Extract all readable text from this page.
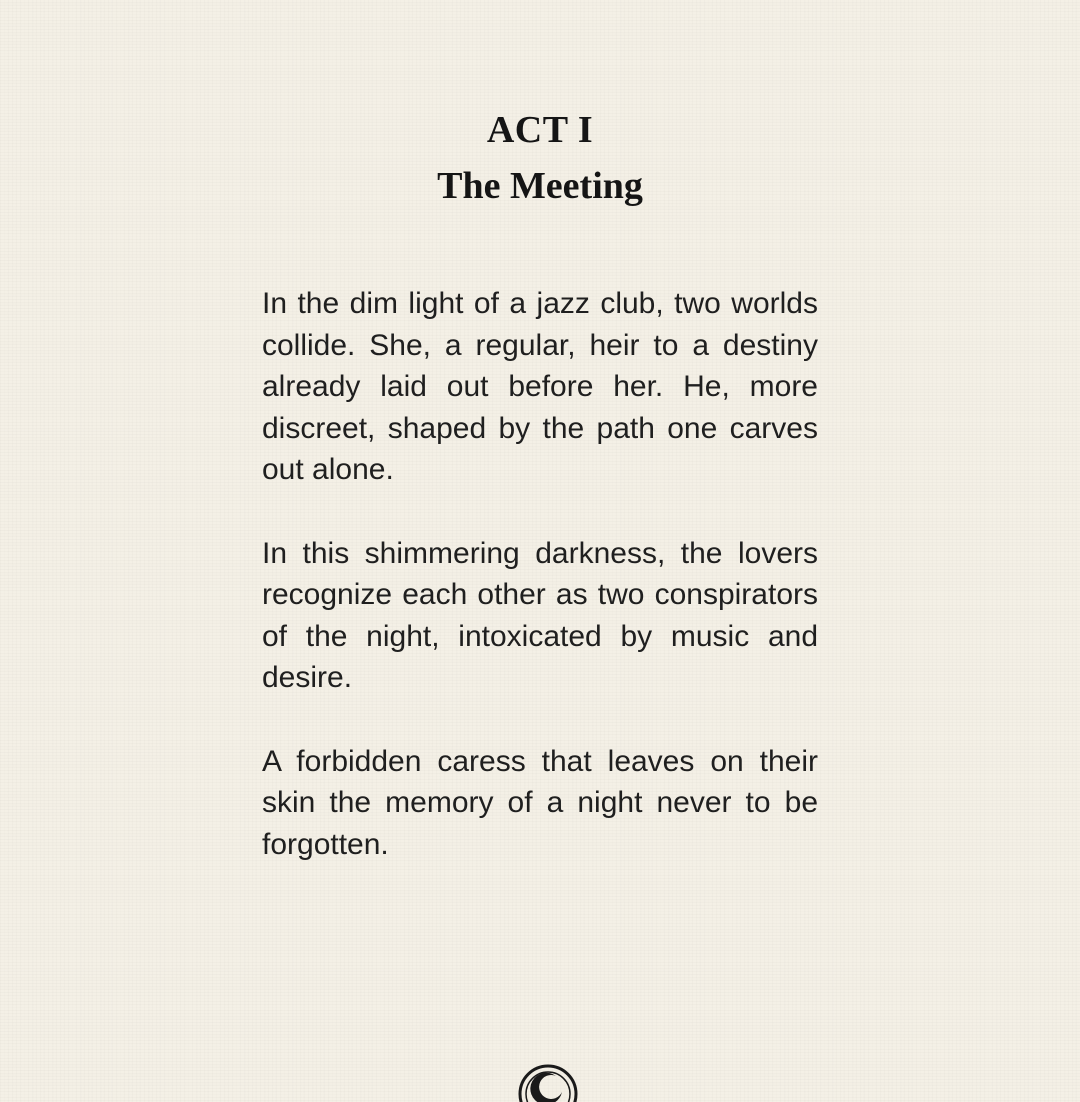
ACT I
The Meeting

In the dim light of a jazz club, two worlds collide. She, a regular, heir to a destiny already laid out before her. He, more discreet, shaped by the path one carves out alone.

In this shimmering darkness, the lovers recognize each other as two conspirators of the night, intoxicated by music and desire.

A forbidden caress that leaves on their skin the memory of a night never to be forgotten.
